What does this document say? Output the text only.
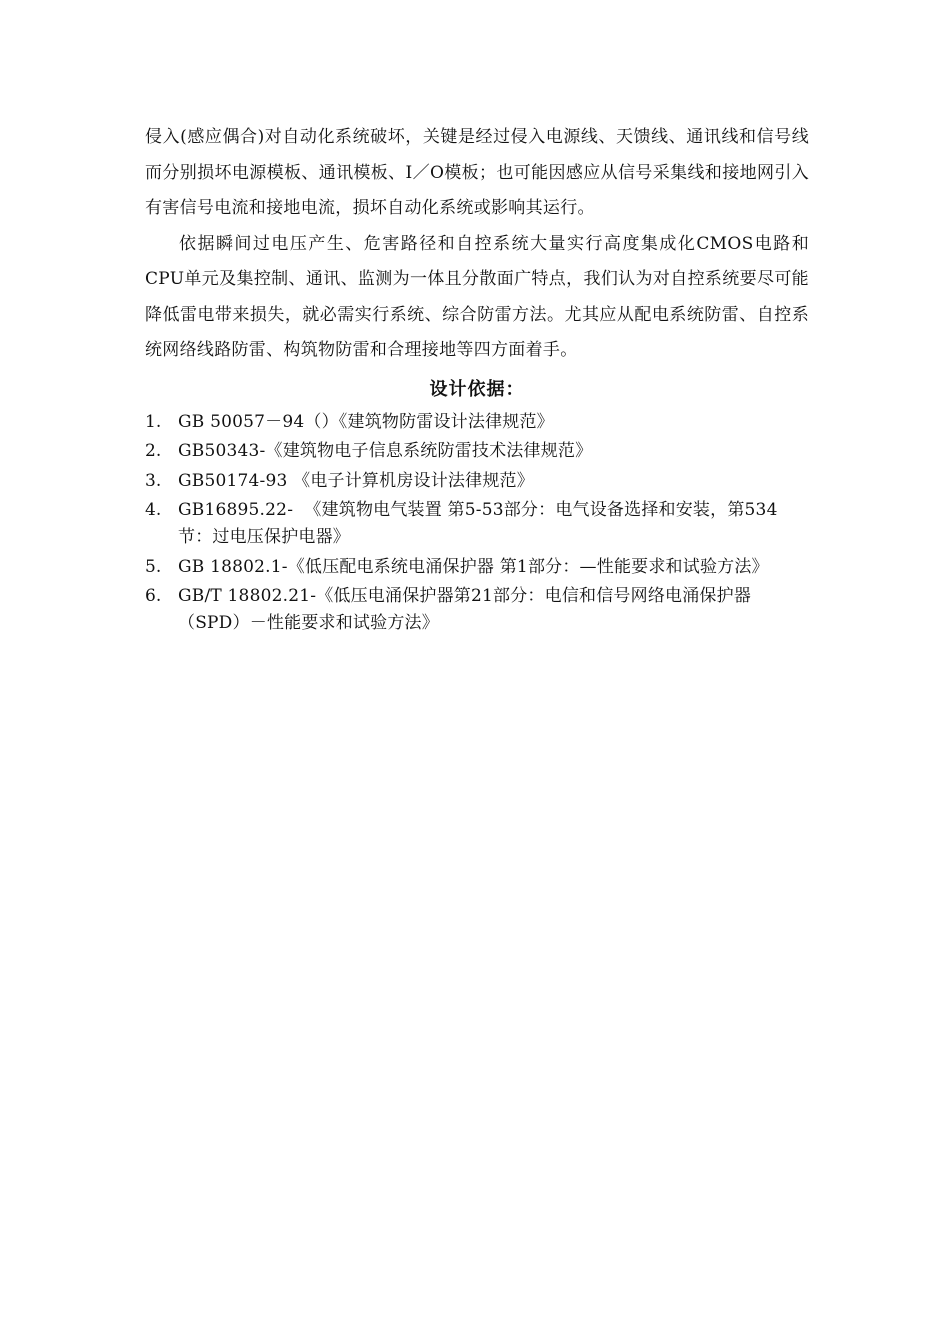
侵入(感应偶合)对自动化系统破坏，关键是经过侵入电源线、天馈线、通讯线和信号线而分别损坏电源模板、通讯模板、I／O模板；也可能因感应从信号采集线和接地网引入有害信号电流和接地电流，损坏自动化系统或影响其运行。

依据瞬间过电压产生、危害路径和自控系统大量实行高度集成化CMOS电路和CPU单元及集控制、通讯、监测为一体且分散面广特点，我们认为对自控系统要尽可能降低雷电带来损失，就必需实行系统、综合防雷方法。尤其应从配电系统防雷、自控系统网络线路防雷、构筑物防雷和合理接地等四方面着手。

设计依据：
1. GB 50057－94（）《建筑物防雷设计法律规范》
2. GB50343-《建筑物电子信息系统防雷技术法律规范》
3. GB50174-93 《电子计算机房设计法律规范》
4. GB16895.22-  《建筑物电气装置 第5-53部分：电气设备选择和安装，第534节：过电压保护电器》
5. GB 18802.1-《低压配电系统电涌保护器 第1部分：—性能要求和试验方法》
6. GB/T 18802.21-《低压电涌保护器第21部分：电信和信号网络电涌保护器（SPD）－性能要求和试验方法》
